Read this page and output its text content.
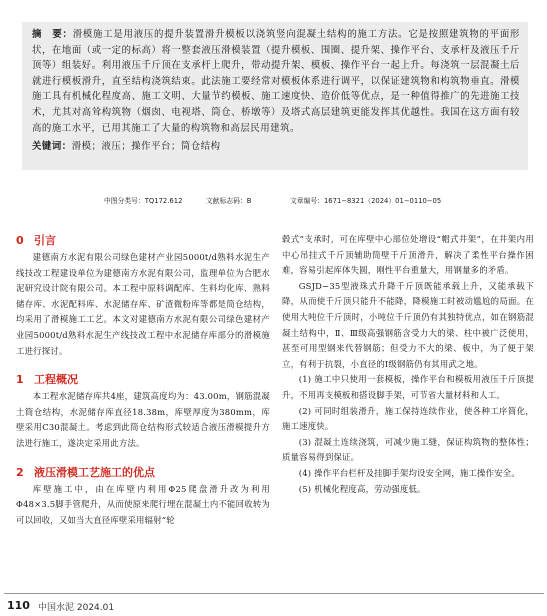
摘　要：滑模施工是用液压的提升装置滑升模板以浇筑竖向混凝土结构的施工方法。它是按照建筑物的平面形状，在地面（或一定的标高）将一整套液压滑模装置（提升模板、围圈、提升架、操作平台、支承杆及液压千斤顶等）组装好。利用液压千斤顶在支承杆上爬升，带动提升架、模板、操作平台一起上升。每浇筑一层混凝土后就进行模板滑升，直至结构浇筑结束。此法施工要经常对模板体系进行调平，以保证建筑物和构筑物垂直。滑模施工具有机械化程度高、施工文明、大量节约模板、施工速度快、造价低等优点，是一种值得推广的先进施工技术，尤其对高耸构筑物（烟囱、电视塔、筒仓、桥墩等）及塔式高层建筑更能发挥其优越性。我国在这方面有较高的施工水平，已用其施工了大量的构筑物和高层民用建筑。

关键词：滑模；液压；操作平台；筒仓结构

中图分类号：TQ172.612	文献标志码：B	文章编号：1671−8321（2024）01−0110−05
0 引言

建德南方水泥有限公司绿色建材产业园5000t/d熟料水泥生产线技改工程建设单位为建德南方水泥有限公司，监理单位为合肥水泥研究设计院有限公司。本工程中原料调配库、生料均化库、熟料储存库、水泥配料库、水泥储存库、矿渣微粉库等都是筒仓结构，均采用了滑模施工工艺。本文对建德南方水泥有限公司绿色建材产业园5000t/d熟料水泥生产线技改工程中水泥储存库部分的滑模施工进行探讨。

1 工程概况

本工程水泥储存库共4座，建筑高度均为：43.00m，钢筋混凝土筒仓结构，水泥储存库直径18.38m，库壁厚度为380mm，库壁采用C30混凝土。考虑到此筒仓结构形式较适合液压滑模提升方法进行施工，遂决定采用此方法。

2 液压滑模工艺施工的优点

库壁施工中，由在库壁内利用Φ25爬盘滑升改为利用Φ48×3.5脚手管爬升，从而使原来爬行埋在混凝土内不能回收转为可以回收，又如当大直径库壁采用辐射“轮

毂式”支承时，可在库壁中心部位处增设“帽式井架”，在井架内用中心吊挂式千斤顶辅助筒壁千斤顶滑升，解决了柔性平台操作困难，容易引起库体失圆，刚性平台重量大，用钢量多的矛盾。

GSJD−35型液珠式升降千斤顶既能承载上升，又能承载下降，从而使千斤顶只能升不能降，降模施工时被动尴尬的局面。在使用大吨位千斤顶时，小吨位千斤顶仍有其独特优点，如在钢筋混凝土结构中，Ⅱ、Ⅲ级高强钢筋含受力大的梁、柱中被广泛使用，甚至可用型钢来代替钢筋；但受力不大的梁、板中，为了便于架立，有利于抗裂，小直径的Ⅰ级钢筋仍有其用武之地。

(1) 施工中只使用一套模板，操作平台和模板用液压千斤顶提升，不用再支模板和搭设脚手架，可节省大量材料和人工。

(2) 可同时组装滑升，施工保持连续作业，使各种工序简化，施工速度快。

(3) 混凝土连续浇筑，可减少施工缝，保证构筑物的整体性；质量容易得到保证。

(4) 操作平台栏杆及挂脚手架均设安全网，施工操作安全。

(5) 机械化程度高，劳动强度低。

110 中国水泥 2024.01
